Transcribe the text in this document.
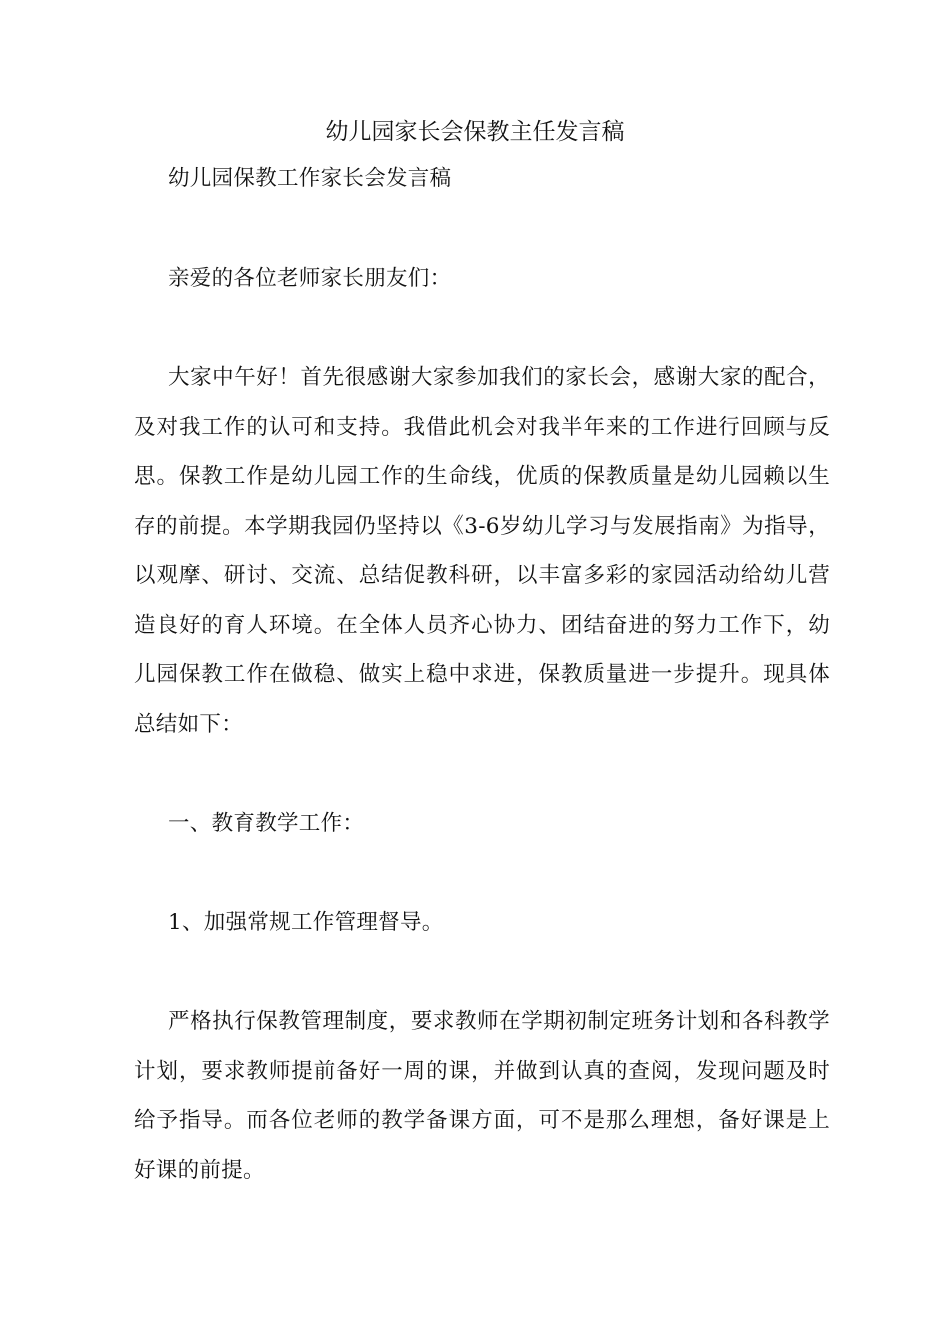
幼儿园家长会保教主任发言稿

幼儿园保教工作家长会发言稿

亲爱的各位老师家长朋友们：

大家中午好！首先很感谢大家参加我们的家长会，感谢大家的配合，及对我工作的认可和支持。我借此机会对我半年来的工作进行回顾与反思。保教工作是幼儿园工作的生命线，优质的保教质量是幼儿园赖以生存的前提。本学期我园仍坚持以《3-6岁幼儿学习与发展指南》为指导，以观摩、研讨、交流、总结促教科研，以丰富多彩的家园活动给幼儿营造良好的育人环境。在全体人员齐心协力、团结奋进的努力工作下，幼儿园保教工作在做稳、做实上稳中求进，保教质量进一步提升。现具体总结如下：

一、教育教学工作：

1、加强常规工作管理督导。

严格执行保教管理制度，要求教师在学期初制定班务计划和各科教学计划，要求教师提前备好一周的课，并做到认真的查阅，发现问题及时给予指导。而各位老师的教学备课方面，可不是那么理想，备好课是上好课的前提。
